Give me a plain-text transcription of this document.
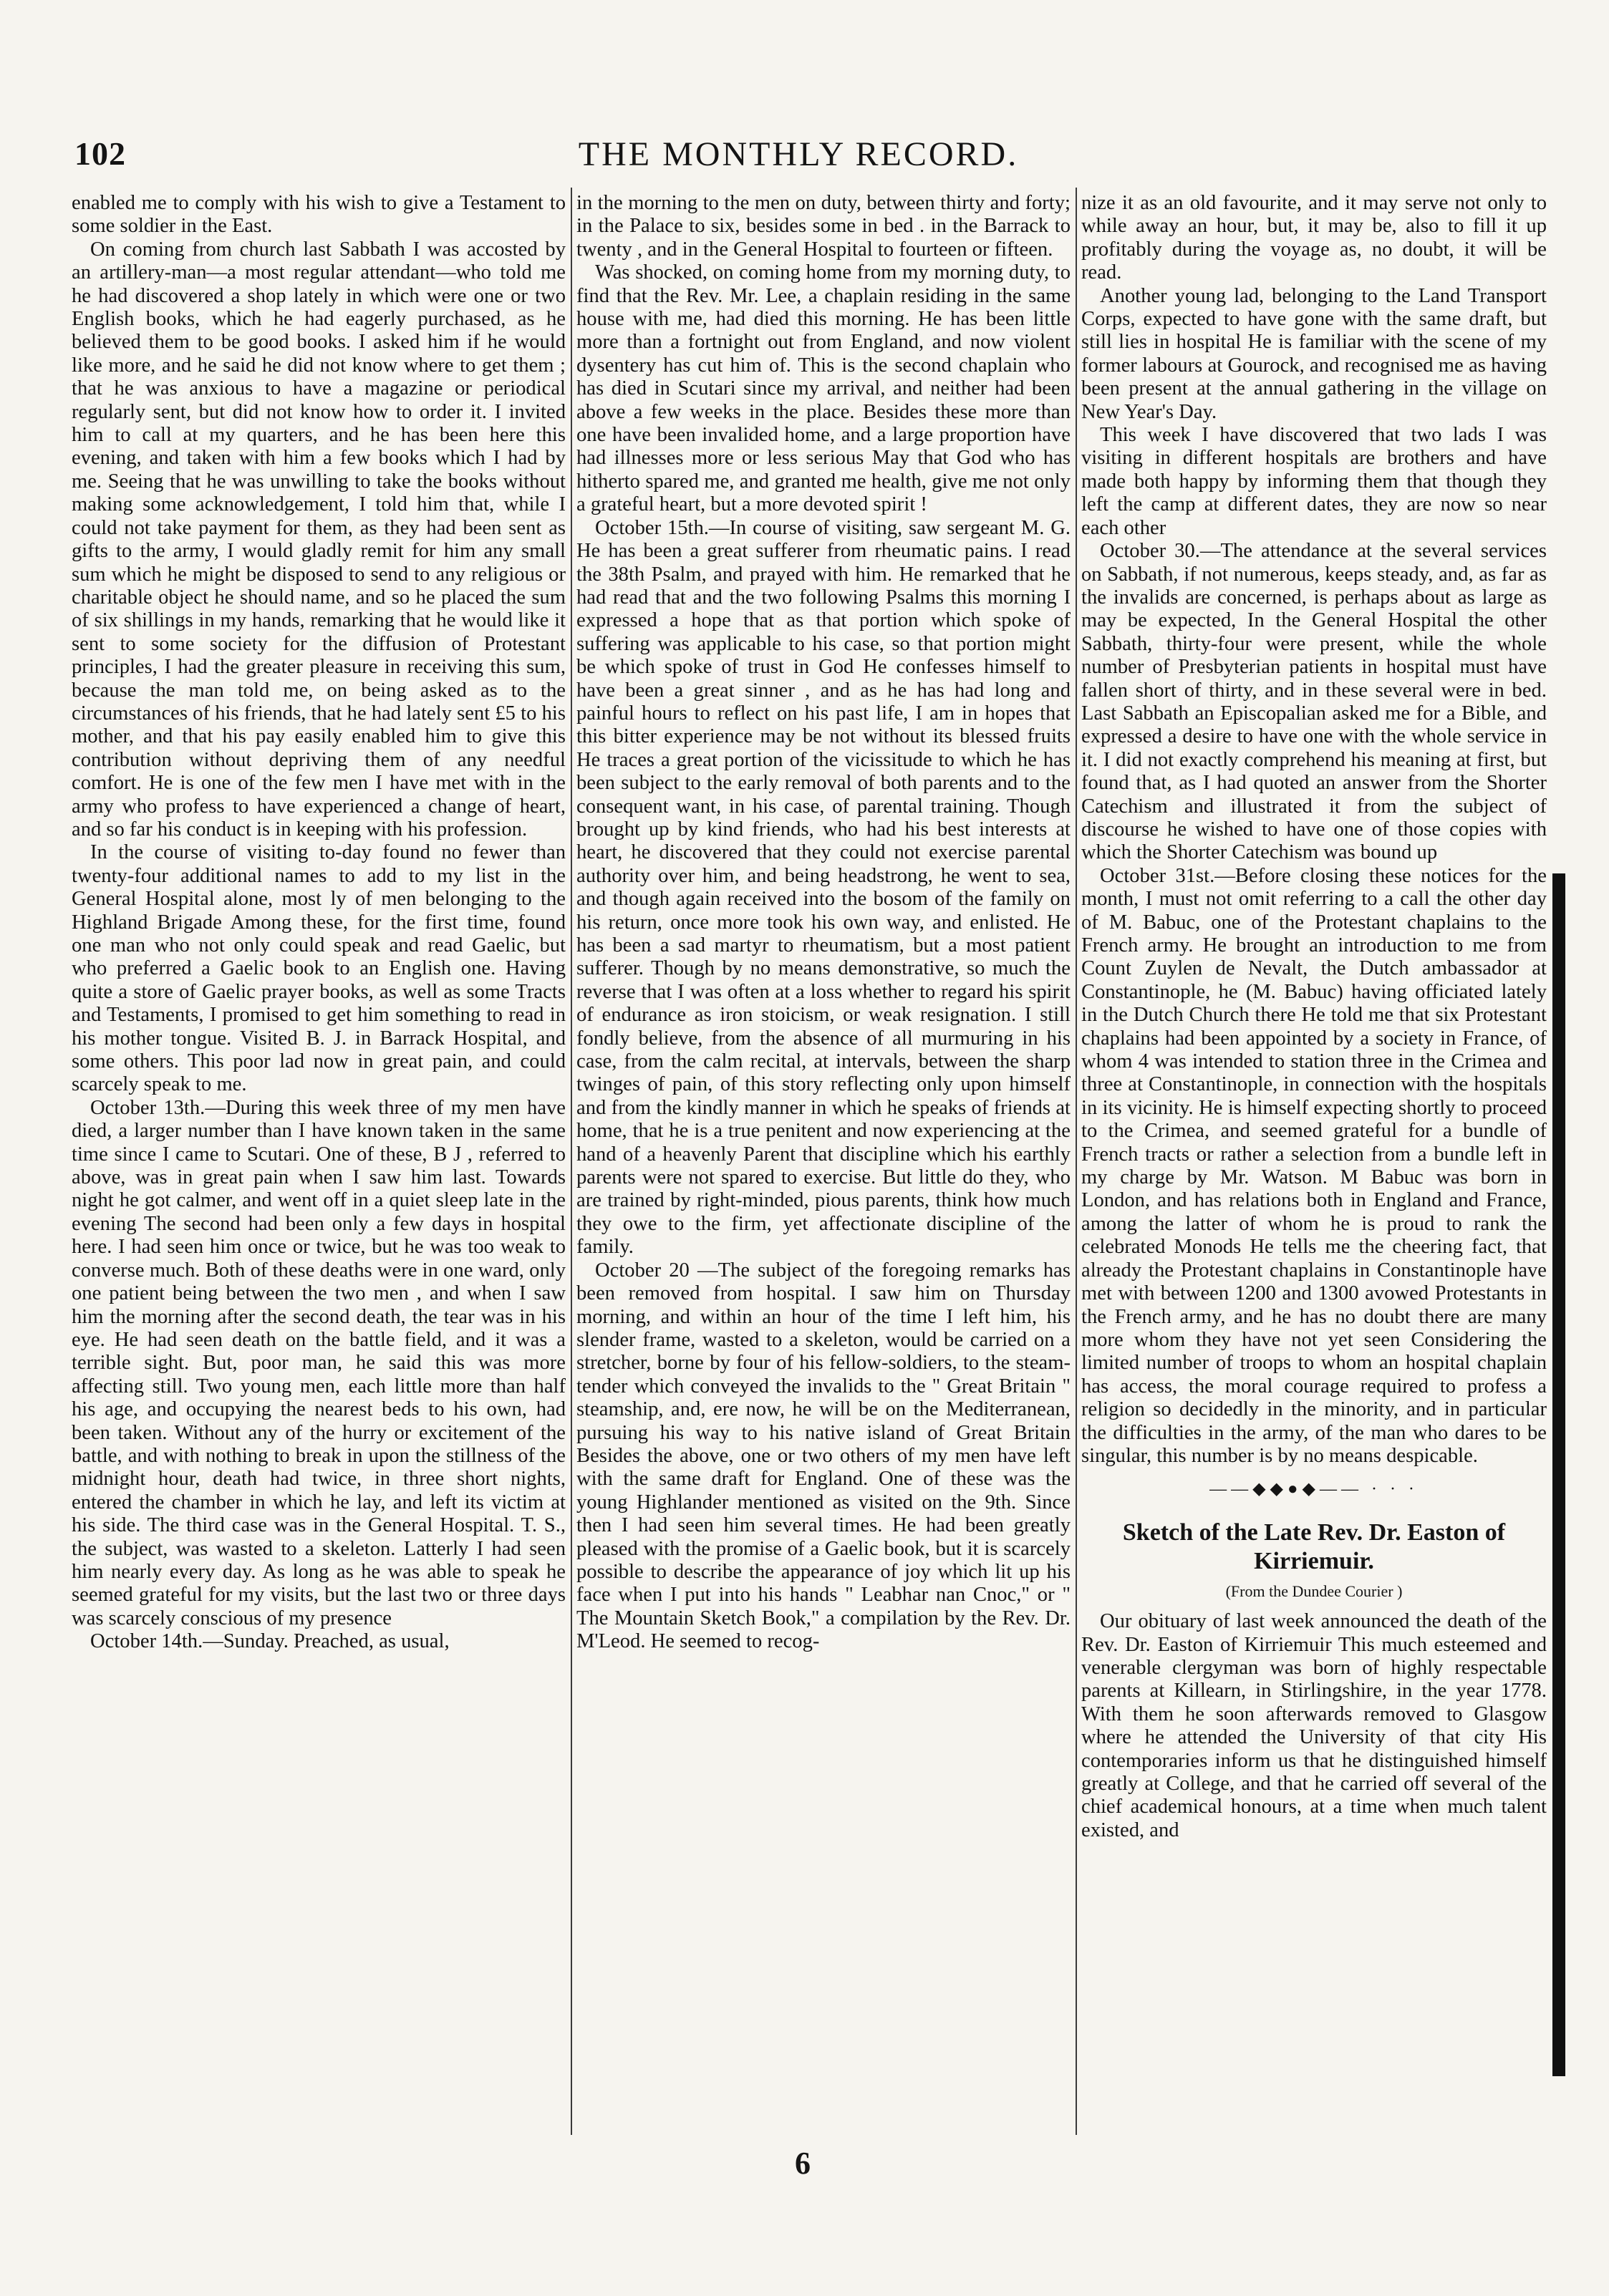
102	THE MONTHLY RECORD.

enabled me to comply with his wish to give a Testament to some soldier in the East.

On coming from church last Sabbath I was accosted by an artillery-man—a most regular attendant—who told me he had discovered a shop lately in which were one or two English books, which he had eagerly purchased, as he believed them to be good books. I asked him if he would like more, and he said he did not know where to get them ; that he was anxious to have a magazine or periodical regularly sent, but did not know how to order it. I invited him to call at my quarters, and he has been here this evening, and taken with him a few books which I had by me. Seeing that he was unwilling to take the books without making some acknowledgement, I told him that, while I could not take payment for them, as they had been sent as gifts to the army, I would gladly remit for him any small sum which he might be disposed to send to any religious or charitable object he should name, and so he placed the sum of six shillings in my hands, remarking that he would like it sent to some society for the diffusion of Protestant principles, I had the greater pleasure in receiving this sum, because the man told me, on being asked as to the circumstances of his friends, that he had lately sent £5 to his mother, and that his pay easily enabled him to give this contribution without depriving them of any needful comfort. He is one of the few men I have met with in the army who profess to have experienced a change of heart, and so far his conduct is in keeping with his profession.

In the course of visiting to-day found no fewer than twenty-four additional names to add to my list in the General Hospital alone, most ly of men belonging to the Highland Brigade Among these, for the first time, found one man who not only could speak and read Gaelic, but who preferred a Gaelic book to an English one. Having quite a store of Gaelic prayer books, as well as some Tracts and Testaments, I promised to get him something to read in his mother tongue. Visited B. J. in Barrack Hospital, and some others. This poor lad now in great pain, and could scarcely speak to me.

October 13th.—During this week three of my men have died, a larger number than I have known taken in the same time since I came to Scutari. One of these, B J , referred to above, was in great pain when I saw him last. Towards night he got calmer, and went off in a quiet sleep late in the evening The second had been only a few days in hospital here. I had seen him once or twice, but he was too weak to converse much. Both of these deaths were in one ward, only one patient being between the two men , and when I saw him the morning after the second death, the tear was in his eye. He had seen death on the battle field, and it was a terrible sight. But, poor man, he said this was more affecting still. Two young men, each little more than half his age, and occupying the nearest beds to his own, had been taken. Without any of the hurry or excitement of the battle, and with nothing to break in upon the stillness of the midnight hour, death had twice, in three short nights, entered the chamber in which he lay, and left its victim at his side. The third case was in the General Hospital. T. S., the subject, was wasted to a skeleton. Latterly I had seen him nearly every day. As long as he was able to speak he seemed grateful for my visits, but the last two or three days was scarcely conscious of my presence

October 14th.—Sunday. Preached, as usual,

in the morning to the men on duty, between thirty and forty; in the Palace to six, besides some in bed . in the Barrack to twenty , and in the General Hospital to fourteen or fifteen.

Was shocked, on coming home from my morning duty, to find that the Rev. Mr. Lee, a chaplain residing in the same house with me, had died this morning. He has been little more than a fortnight out from England, and now violent dysentery has cut him of. This is the second chaplain who has died in Scutari since my arrival, and neither had been above a few weeks in the place. Besides these more than one have been invalided home, and a large proportion have had illnesses more or less serious May that God who has hitherto spared me, and granted me health, give me not only a grateful heart, but a more devoted spirit !

October 15th.—In course of visiting, saw sergeant M. G. He has been a great sufferer from rheumatic pains. I read the 38th Psalm, and prayed with him. He remarked that he had read that and the two following Psalms this morning I expressed a hope that as that portion which spoke of suffering was applicable to his case, so that portion might be which spoke of trust in God He confesses himself to have been a great sinner , and as he has had long and painful hours to reflect on his past life, I am in hopes that this bitter experience may be not without its blessed fruits He traces a great portion of the vicissitude to which he has been subject to the early removal of both parents and to the consequent want, in his case, of parental training. Though brought up by kind friends, who had his best interests at heart, he discovered that they could not exercise parental authority over him, and being headstrong, he went to sea, and though again received into the bosom of the family on his return, once more took his own way, and enlisted. He has been a sad martyr to rheumatism, but a most patient sufferer. Though by no means demonstrative, so much the reverse that I was often at a loss whether to regard his spirit of endurance as iron stoicism, or weak resignation. I still fondly believe, from the absence of all murmuring in his case, from the calm recital, at intervals, between the sharp twinges of pain, of this story reflecting only upon himself and from the kindly manner in which he speaks of friends at home, that he is a true penitent and now experiencing at the hand of a heavenly Parent that discipline which his earthly parents were not spared to exercise. But little do they, who are trained by right-minded, pious parents, think how much they owe to the firm, yet affectionate discipline of the family.

October 20 —The subject of the foregoing remarks has been removed from hospital. I saw him on Thursday morning, and within an hour of the time I left him, his slender frame, wasted to a skeleton, would be carried on a stretcher, borne by four of his fellow-soldiers, to the steam-tender which conveyed the invalids to the " Great Britain " steamship, and, ere now, he will be on the Mediterranean, pursuing his way to his native island of Great Britain Besides the above, one or two others of my men have left with the same draft for England. One of these was the young Highlander mentioned as visited on the 9th. Since then I had seen him several times. He had been greatly pleased with the promise of a Gaelic book, but it is scarcely possible to describe the appearance of joy which lit up his face when I put into his hands " Leabhar nan Cnoc," or " The Mountain Sketch Book," a compilation by the Rev. Dr. M'Leod. He seemed to recog-

nize it as an old favourite, and it may serve not only to while away an hour, but, it may be, also to fill it up profitably during the voyage as, no doubt, it will be read.

Another young lad, belonging to the Land Transport Corps, expected to have gone with the same draft, but still lies in hospital He is familiar with the scene of my former labours at Gourock, and recognised me as having been present at the annual gathering in the village on New Year's Day.

This week I have discovered that two lads I was visiting in different hospitals are brothers and have made both happy by informing them that though they left the camp at different dates, they are now so near each other

October 30.—The attendance at the several services on Sabbath, if not numerous, keeps steady, and, as far as the invalids are concerned, is perhaps about as large as may be expected, In the General Hospital the other Sabbath, thirty-four were present, while the whole number of Presbyterian patients in hospital must have fallen short of thirty, and in these several were in bed. Last Sabbath an Episcopalian asked me for a Bible, and expressed a desire to have one with the whole service in it. I did not exactly comprehend his meaning at first, but found that, as I had quoted an answer from the Shorter Catechism and illustrated it from the subject of discourse he wished to have one of those copies with which the Shorter Catechism was bound up

October 31st.—Before closing these notices for the month, I must not omit referring to a call the other day of M. Babuc, one of the Protestant chaplains to the French army. He brought an introduction to me from Count Zuylen de Nevalt, the Dutch ambassador at Constantinople, he (M. Babuc) having officiated lately in the Dutch Church there He told me that six Protestant chaplains had been appointed by a society in France, of whom 4 was intended to station three in the Crimea and three at Constantinople, in connection with the hospitals in its vicinity. He is himself expecting shortly to proceed to the Crimea, and seemed grateful for a bundle of French tracts or rather a selection from a bundle left in my charge by Mr. Watson. M Babuc was born in London, and has relations both in England and France, among the latter of whom he is proud to rank the celebrated Monods He tells me the cheering fact, that already the Protestant chaplains in Constantinople have met with between 1200 and 1300 avowed Protestants in the French army, and he has no doubt there are many more whom they have not yet seen Considering the limited number of troops to whom an hospital chaplain has access, the moral courage required to profess a religion so decidedly in the minority, and in particular the difficulties in the army, of the man who dares to be singular, this number is by no means despicable.

——◆◆●◆—— · · ·
Sketch of the Late Rev. Dr. Easton of Kirriemuir.
(From the Dundee Courier )

Our obituary of last week announced the death of the Rev. Dr. Easton of Kirriemuir This much esteemed and venerable clergyman was born of highly respectable parents at Killearn, in Stirlingshire, in the year 1778. With them he soon afterwards removed to Glasgow where he attended the University of that city His contemporaries inform us that he distinguished himself greatly at College, and that he carried off several of the chief academical honours, at a time when much talent existed, and

6
